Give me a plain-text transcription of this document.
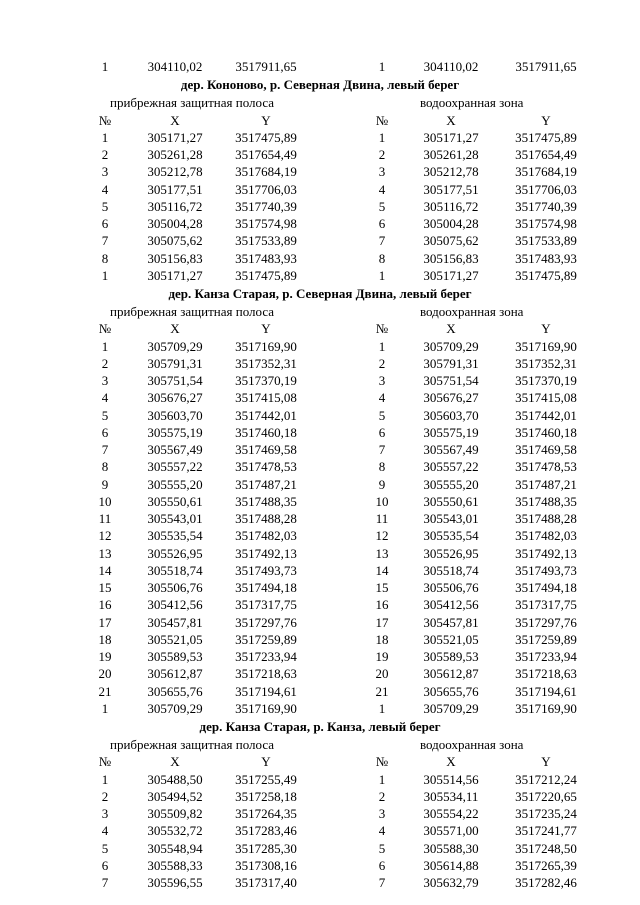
1	304110,02	3517911,65	1	304110,02	3517911,65
дер. Кононово, р. Северная Двина, левый берег
прибрежная защитная полоса	водоохранная зона
№	X	Y	№	X	Y
1	305171,27	3517475,89	1	305171,27	3517475,89
2	305261,28	3517654,49	2	305261,28	3517654,49
3	305212,78	3517684,19	3	305212,78	3517684,19
4	305177,51	3517706,03	4	305177,51	3517706,03
5	305116,72	3517740,39	5	305116,72	3517740,39
6	305004,28	3517574,98	6	305004,28	3517574,98
7	305075,62	3517533,89	7	305075,62	3517533,89
8	305156,83	3517483,93	8	305156,83	3517483,93
1	305171,27	3517475,89	1	305171,27	3517475,89
дер. Канза Старая, р. Северная Двина, левый берег
прибрежная защитная полоса	водоохранная зона
№	X	Y	№	X	Y
1	305709,29	3517169,90	1	305709,29	3517169,90
2	305791,31	3517352,31	2	305791,31	3517352,31
3	305751,54	3517370,19	3	305751,54	3517370,19
4	305676,27	3517415,08	4	305676,27	3517415,08
5	305603,70	3517442,01	5	305603,70	3517442,01
6	305575,19	3517460,18	6	305575,19	3517460,18
7	305567,49	3517469,58	7	305567,49	3517469,58
8	305557,22	3517478,53	8	305557,22	3517478,53
9	305555,20	3517487,21	9	305555,20	3517487,21
10	305550,61	3517488,35	10	305550,61	3517488,35
11	305543,01	3517488,28	11	305543,01	3517488,28
12	305535,54	3517482,03	12	305535,54	3517482,03
13	305526,95	3517492,13	13	305526,95	3517492,13
14	305518,74	3517493,73	14	305518,74	3517493,73
15	305506,76	3517494,18	15	305506,76	3517494,18
16	305412,56	3517317,75	16	305412,56	3517317,75
17	305457,81	3517297,76	17	305457,81	3517297,76
18	305521,05	3517259,89	18	305521,05	3517259,89
19	305589,53	3517233,94	19	305589,53	3517233,94
20	305612,87	3517218,63	20	305612,87	3517218,63
21	305655,76	3517194,61	21	305655,76	3517194,61
1	305709,29	3517169,90	1	305709,29	3517169,90
дер. Канза Старая, р. Канза, левый берег
прибрежная защитная полоса	водоохранная зона
№	X	Y	№	X	Y
1	305488,50	3517255,49	1	305514,56	3517212,24
2	305494,52	3517258,18	2	305534,11	3517220,65
3	305509,82	3517264,35	3	305554,22	3517235,24
4	305532,72	3517283,46	4	305571,00	3517241,77
5	305548,94	3517285,30	5	305588,30	3517248,50
6	305588,33	3517308,16	6	305614,88	3517265,39
7	305596,55	3517317,40	7	305632,79	3517282,46
